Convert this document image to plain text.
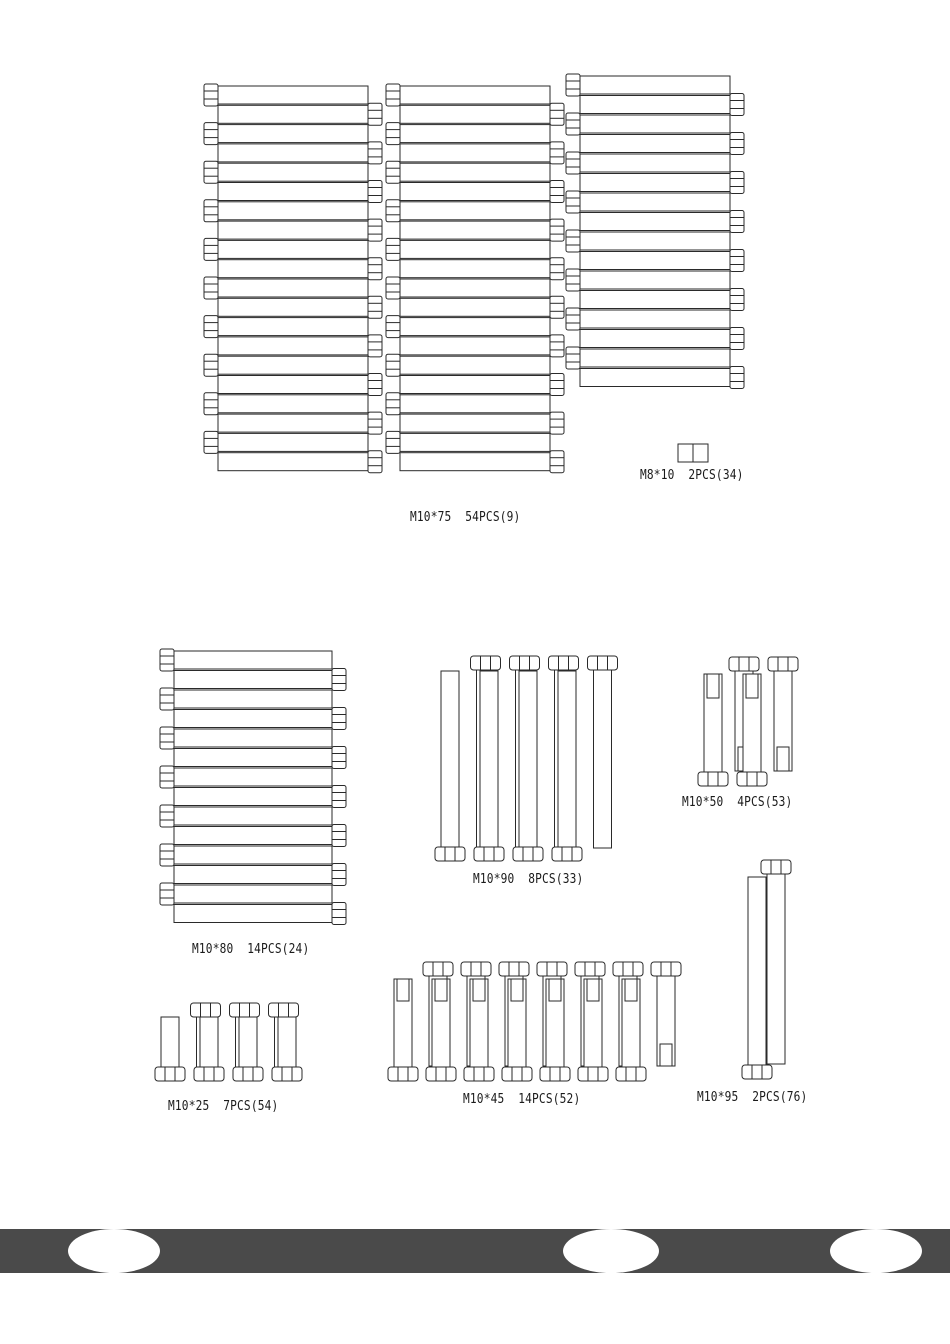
M10*75  54PCS(9)
M8*10  2PCS(34)
M10*80  14PCS(24)
M10*90  8PCS(33)
M10*50  4PCS(53)
M10*25  7PCS(54)	M10*45  14PCS(52)	M10*95  2PCS(76)
